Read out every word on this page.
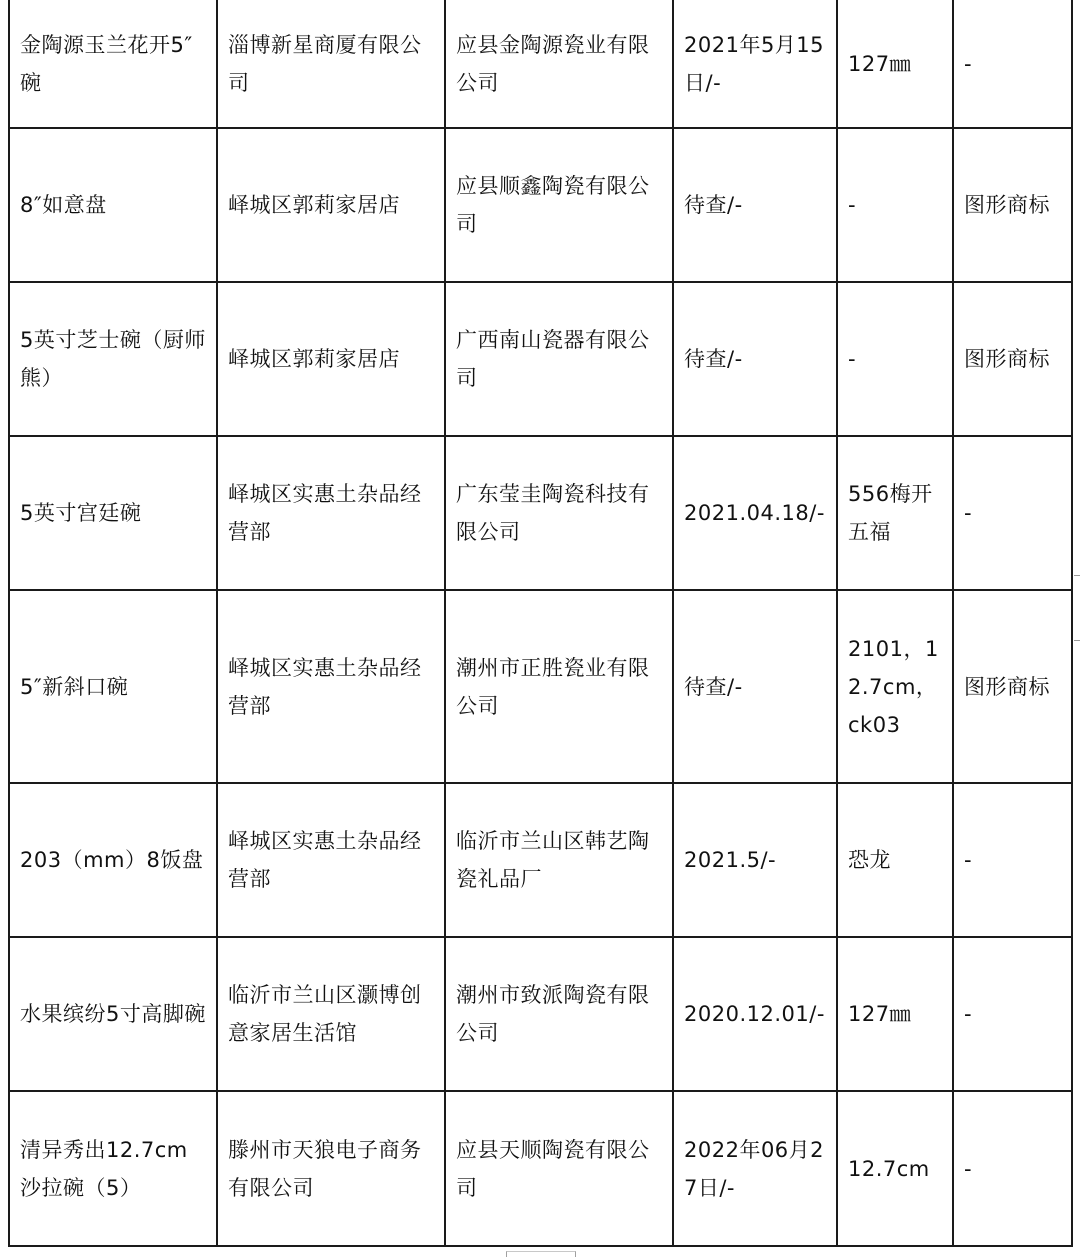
金陶源玉兰花开5″碗	淄博新星商厦有限公司	应县金陶源瓷业有限公司	2021年5月15日/-	127㎜	-
8″如意盘	峄城区郭莉家居店	应县顺鑫陶瓷有限公司	待查/-	-	图形商标
5英寸芝士碗（厨师熊）	峄城区郭莉家居店	广西南山瓷器有限公司	待查/-	-	图形商标
5英寸宫廷碗	峄城区实惠土杂品经营部	广东莹圭陶瓷科技有限公司	2021.04.18/-	556梅开五福	-
5″新斜口碗	峄城区实惠土杂品经营部	潮州市正胜瓷业有限公司	待查/-	2101，12.7cm，ck03	图形商标
203（mm）8饭盘	峄城区实惠土杂品经营部	临沂市兰山区韩艺陶瓷礼品厂	2021.5/-	恐龙	-
水果缤纷5寸高脚碗	临沂市兰山区灏博创意家居生活馆	潮州市致派陶瓷有限公司	2020.12.01/-	127㎜	-
清异秀出12.7cm沙拉碗（5）	滕州市天狼电子商务有限公司	应县天顺陶瓷有限公司	2022年06月27日/-	12.7cm	-
